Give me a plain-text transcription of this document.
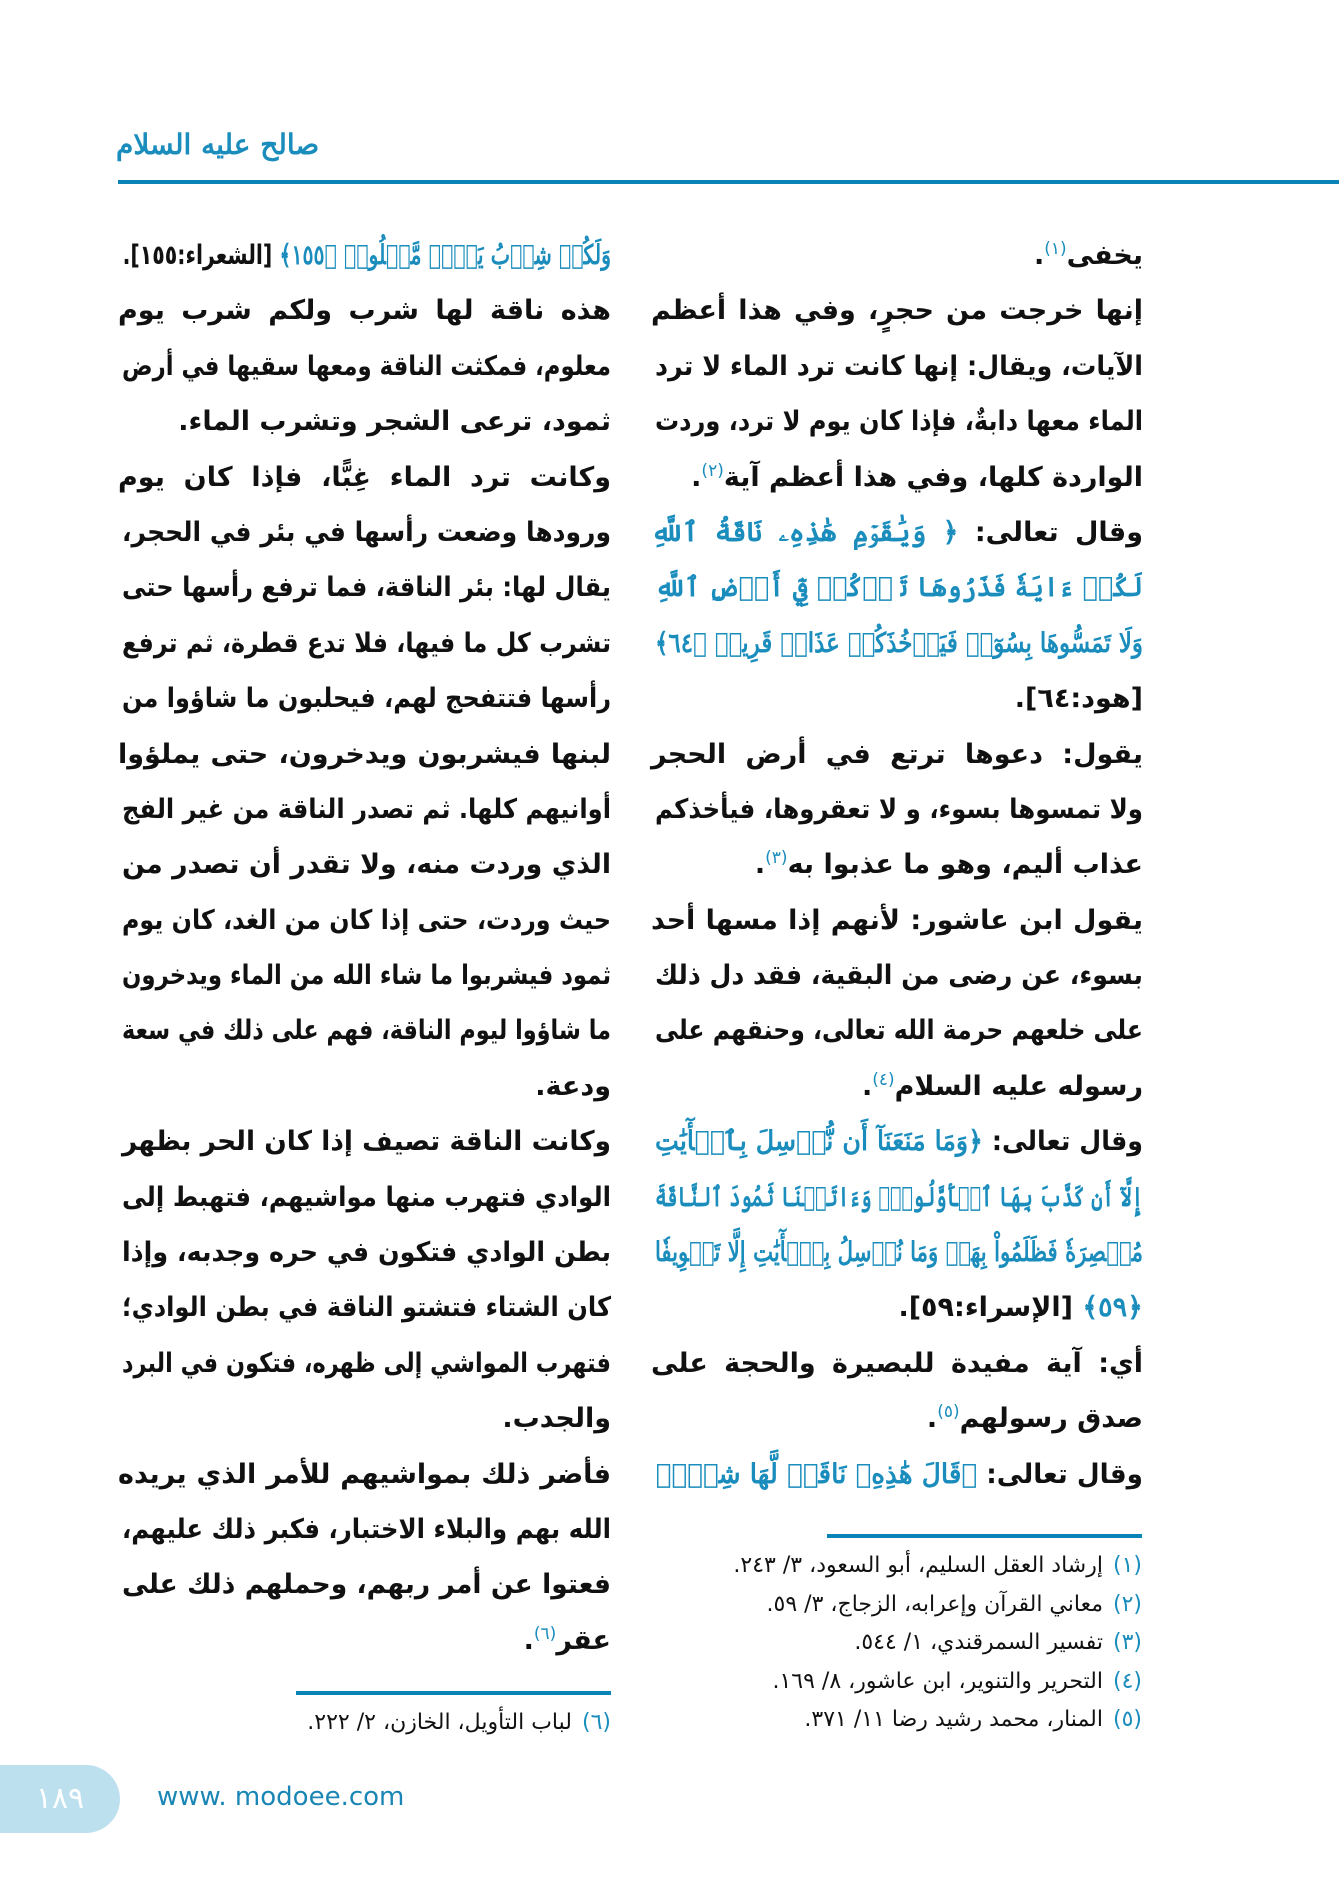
صالح عليه السلام
يخفى$^{(١)}$.
إنها خرجت من حجرٍ، وفي هذا أعظم
الآيات، ويقال: إنها كانت ترد الماء لا ترد
الماء معها دابةٌ، فإذا كان يوم لا ترد، وردت
الواردة كلها، وفي هذا أعظم آية$^{(٢)}$.
وقال تعالى: ﴿ وَيَٰقَوۡمِ هَٰذِهِۦ نَاقَةُ ٱللَّهِ
لَكُمۡ ءَايَةٗ فَذَرُوهَا تَأۡكُلۡ فِيٓ أَرۡضِ ٱللَّهِ
وَلَا تَمَسُّوهَا بِسُوٓءٖ فَيَأۡخُذَكُمۡ عَذَابٞ قَرِيبٞ ﴿٦٤﴾
[هود:٦٤].
يقول: دعوها ترتع في أرض الحجر
ولا تمسوها بسوء، و لا تعقروها، فيأخذكم
عذاب أليم، وهو ما عذبوا به$^{(٣)}$.
يقول ابن عاشور: لأنهم إذا مسها أحد
بسوء، عن رضى من البقية، فقد دل ذلك
على خلعهم حرمة الله تعالى، وحنقهم على
رسوله عليه السلام$^{(٤)}$.
وقال تعالى: ﴿وَمَا مَنَعَنَآ أَن نُّرۡسِلَ بِٱلۡأٓيَٰتِ
إِلَّآ أَن كَذَّبَ بِهَا ٱلۡأَوَّلُونَۚ وَءَاتَيۡنَا ثَمُودَ ٱلنَّاقَةَ
مُبۡصِرَةٗ فَظَلَمُواْ بِهَاۚ وَمَا نُرۡسِلُ بِٱلۡأٓيَٰتِ إِلَّا تَخۡوِيفٗا
﴿٥٩﴾ [الإسراء:٥٩].
أي: آية مفيدة للبصيرة والحجة على
صدق رسولهم$^{(٥)}$.
وقال تعالى: ﴿قَالَ هَٰذِهِۦ نَاقَةٞ لَّهَا شِرۡبٞ
وَلَكُمۡ شِرۡبُ يَوۡمٖ مَّعۡلُومٖ ﴿١٥٥﴾ [الشعراء:١٥٥].
هذه ناقة لها شرب ولكم شرب يوم
معلوم، فمكثت الناقة ومعها سقيها في أرض
ثمود، ترعى الشجر وتشرب الماء.
وكانت ترد الماء غِبًّا، فإذا كان يوم
ورودها وضعت رأسها في بئر في الحجر،
يقال لها: بئر الناقة، فما ترفع رأسها حتى
تشرب كل ما فيها، فلا تدع قطرة، ثم ترفع
رأسها فتتفحج لهم، فيحلبون ما شاؤوا من
لبنها فيشربون ويدخرون، حتى يملؤوا
أوانيهم كلها. ثم تصدر الناقة من غير الفج
الذي وردت منه، ولا تقدر أن تصدر من
حيث وردت، حتى إذا كان من الغد، كان يوم
ثمود فيشربوا ما شاء الله من الماء ويدخرون
ما شاؤوا ليوم الناقة، فهم على ذلك في سعة
ودعة.
وكانت الناقة تصيف إذا كان الحر بظهر
الوادي فتهرب منها مواشيهم، فتهبط إلى
بطن الوادي فتكون في حره وجدبه، وإذا
كان الشتاء فتشتو الناقة في بطن الوادي؛
فتهرب المواشي إلى ظهره، فتكون في البرد
والجدب.
فأضر ذلك بمواشيهم للأمر الذي يريده
الله بهم والبلاء الاختبار، فكبر ذلك عليهم،
فعتوا عن أمر ربهم، وحملهم ذلك على
عقر$^{(٦)}$.
(١)إرشاد العقل السليم، أبو السعود، ٣/ ٢٤٣.
(٢)معاني القرآن وإعرابه، الزجاج، ٣/ ٥٩.
(٣)تفسير السمرقندي، ١/ ٥٤٤.
(٤)التحرير والتنوير، ابن عاشور، ٨/ ١٦٩.
(٥)المنار، محمد رشيد رضا ١١/ ٣٧١.
(٦)لباب التأويل، الخازن، ٢/ ٢٢٢.
١٨٩	www. modoee.com
